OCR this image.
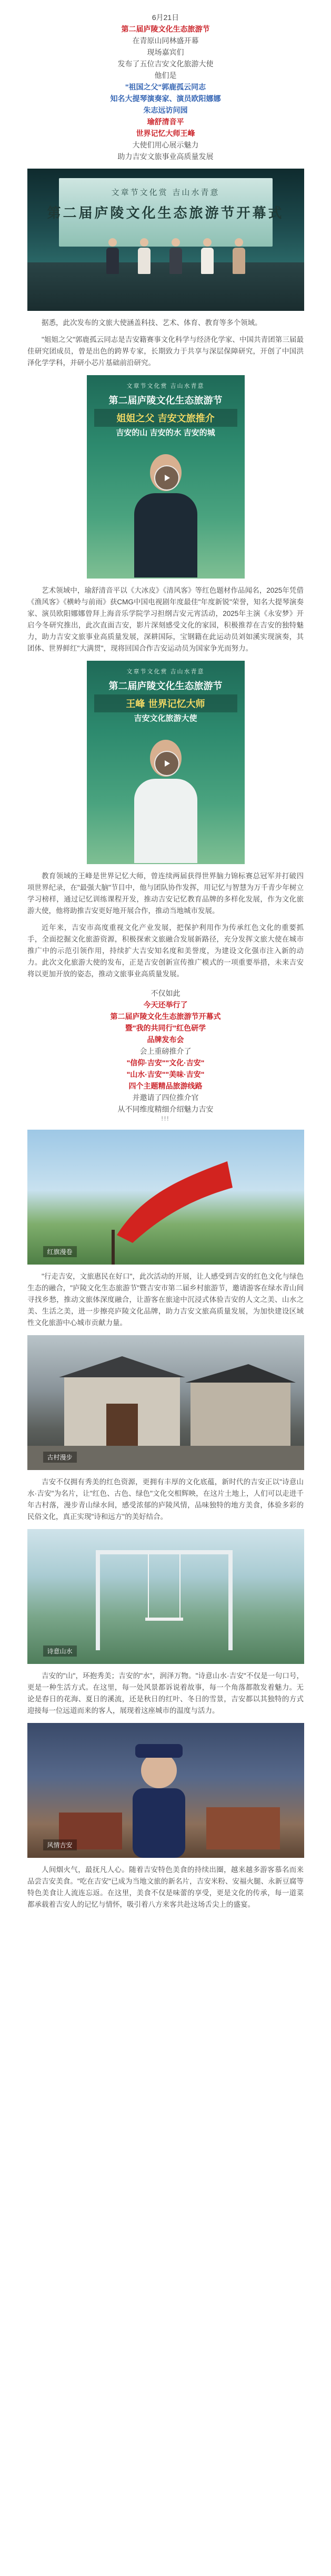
6月21日
第二届庐陵文化生态旅游节
在青原山同林盛开幕
现场嘉宾们
发布了五位吉安文化旅游大使
他们是
"祖国之父"郭鹿孤云同志
知名大提琴演奏家、演员欧阳娜娜
朱志远访问园
瑜舒清音平
世界记忆大师王峰
大使们用心展示魅力
助力吉安文旅事业高质量发展
文章节文化赏 吉山水青意
第二届庐陵文化生态旅游节开幕式

据悉，此次发布的文旅大使涵盖科技、艺术、体育、教育等多个领域。

"姐姐之父"郭鹿孤云同志是吉安籍赛事文化科学与经济化学家、中国共青团第三届最佳研究团成员，曾是出色的跨界专家，长期致力于共享与深层保障研究，开创了中国洪泽化学学科，并研小芯片基础前沿研究。

文章节文化赏 吉山水青意
第二届庐陵文化生态旅游节
姐姐之父 吉安文旅推介
吉安的山 吉安的水 吉安的城

艺术领域中，瑜舒清音平以《大冰皮》《清风客》等红色题材作品闻名，2025年凭借《渔风客》《横岭与前雨》获CMG中国电视剧年度最佳"年度新锐"荣誉，知名大提琴演奏家、演员欧阳娜娜曾拜上海音乐学院学习担纲吉安元宵活动，2025年主演《永安梦》开启今冬研究推出，此次直面吉安，影片深刻感受文化的家园，积极推荐在吉安的独特魅力，助力吉安文旅事业高质量发展，深耕国际，宝钢籍在此运动员刘如溪实现演奏，其团体、世界鲜红"大满贯"，现将回国合作吉安运动员为国家争光而努力。

文章节文化赏 吉山水青意
第二届庐陵文化生态旅游节
王峰 世界记忆大师
吉安文化旅游大使

教育领域的王峰是世界记忆大师，曾连续两届获得世界脑力锦标赛总冠军并打破四项世界纪录，在"最强大脑"节目中，他与团队协作发挥，用记忆与智慧为万千青少年树立学习榜样，通过记忆训练课程开发，推动吉安记忆教育品牌的多样化发展，作为文化旅游大使，他将助推吉安更好地开展合作，推动当地城市发展。

近年来，吉安市高度重视文化产业发展，把保护利用作为传承红色文化的重要抓手，全面挖掘文化旅游资源，积极探索文旅融合发展新路径，充分发挥文旅大使在城市推广中的示范引领作用，持续扩大吉安知名度和美誉度，为建设文化强市注入新的动力。此次文化旅游大使的发布，正是吉安创新宣传推广模式的一项重要举措，未来吉安将以更加开放的姿态，推动文旅事业高质量发展。

不仅如此
今天还举行了
第二届庐陵文化生态旅游节开幕式
暨"我的共同行"红色研学
品牌发布会
会上重磅推介了
"信仰·吉安""文化·吉安"
"山水·吉安""美味·吉安"
四个主题精品旅游线路
并邀请了四位推介官
从不同维度精细介绍魅力吉安
!!!
红旗漫卷

"行走吉安，文旅惠民在好口"，此次活动的开展，让人感受到吉安的红色文化与绿色生态的融合，"庐陵文化生态旅游节"暨吉安市第二届乡村旅游节，邀请游客在绿水青山间寻找乡愁，推动文旅体深度融合，让游客在旅途中沉浸式体验吉安的人文之美、山水之美、生活之美，进一步擦亮庐陵文化品牌，助力吉安文旅高质量发展，为加快建设区域性文化旅游中心城市贡献力量。

古村漫步

吉安不仅拥有秀美的红色资源，更拥有丰厚的文化底蕴，新时代的吉安正以"诗意山水·吉安"为名片，让"红色、古色、绿色"文化交相辉映，在这片土地上，人们可以走进千年古村落，漫步青山绿水间，感受浓郁的庐陵风情，品味独特的地方美食，体验多彩的民俗文化，真正实现"诗和远方"的美好结合。

诗意山水

吉安的"山"，环抱秀美；吉安的"水"，润泽万物。"诗意山水·吉安"不仅是一句口号，更是一种生活方式。在这里，每一处风景都诉说着故事，每一个角落都散发着魅力。无论是春日的花海、夏日的溪流，还是秋日的红叶、冬日的雪景，吉安都以其独特的方式迎接每一位远道而来的客人，展现着这座城市的温度与活力。

风情吉安

人间烟火气，最抚凡人心。随着吉安特色美食的持续出圈，越来越多游客慕名而来品尝吉安美食。"吃在吉安"已成为当地文旅的新名片，吉安米粉、安福火腿、永新豆腐等特色美食让人流连忘返。在这里，美食不仅是味蕾的享受，更是文化的传承，每一道菜都承载着吉安人的记忆与情怀，吸引着八方来客共赴这场舌尖上的盛宴。
